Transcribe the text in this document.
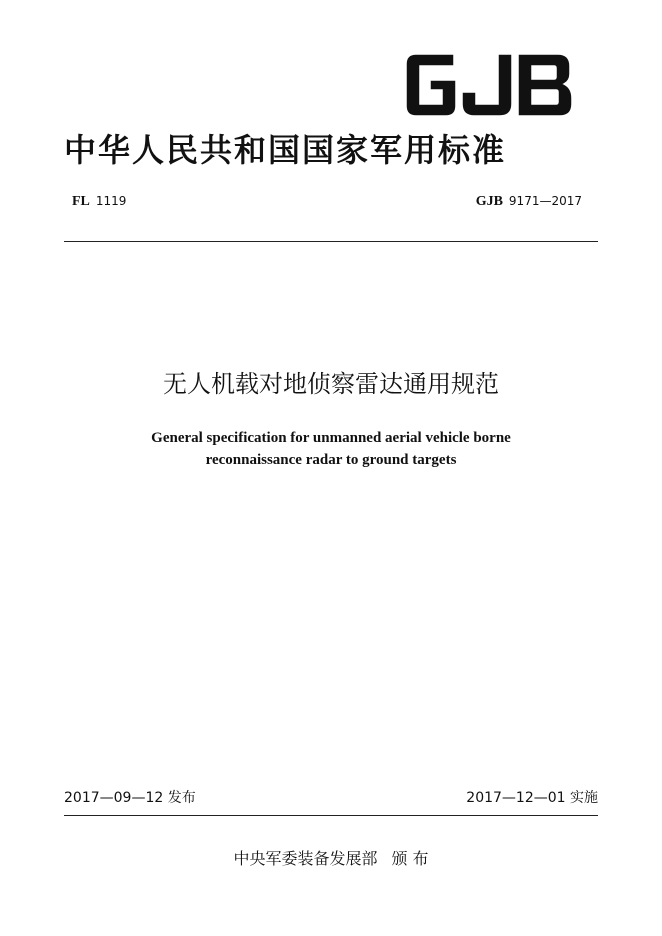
中华人民共和国国家军用标准
FL 1119	GJB 9171—2017
无人机载对地侦察雷达通用规范
General specification for unmanned aerial vehicle borne
reconnaissance radar to ground targets
2017—09—12 发布	2017—12—01 实施
中央军委装备发展部 颁 布
